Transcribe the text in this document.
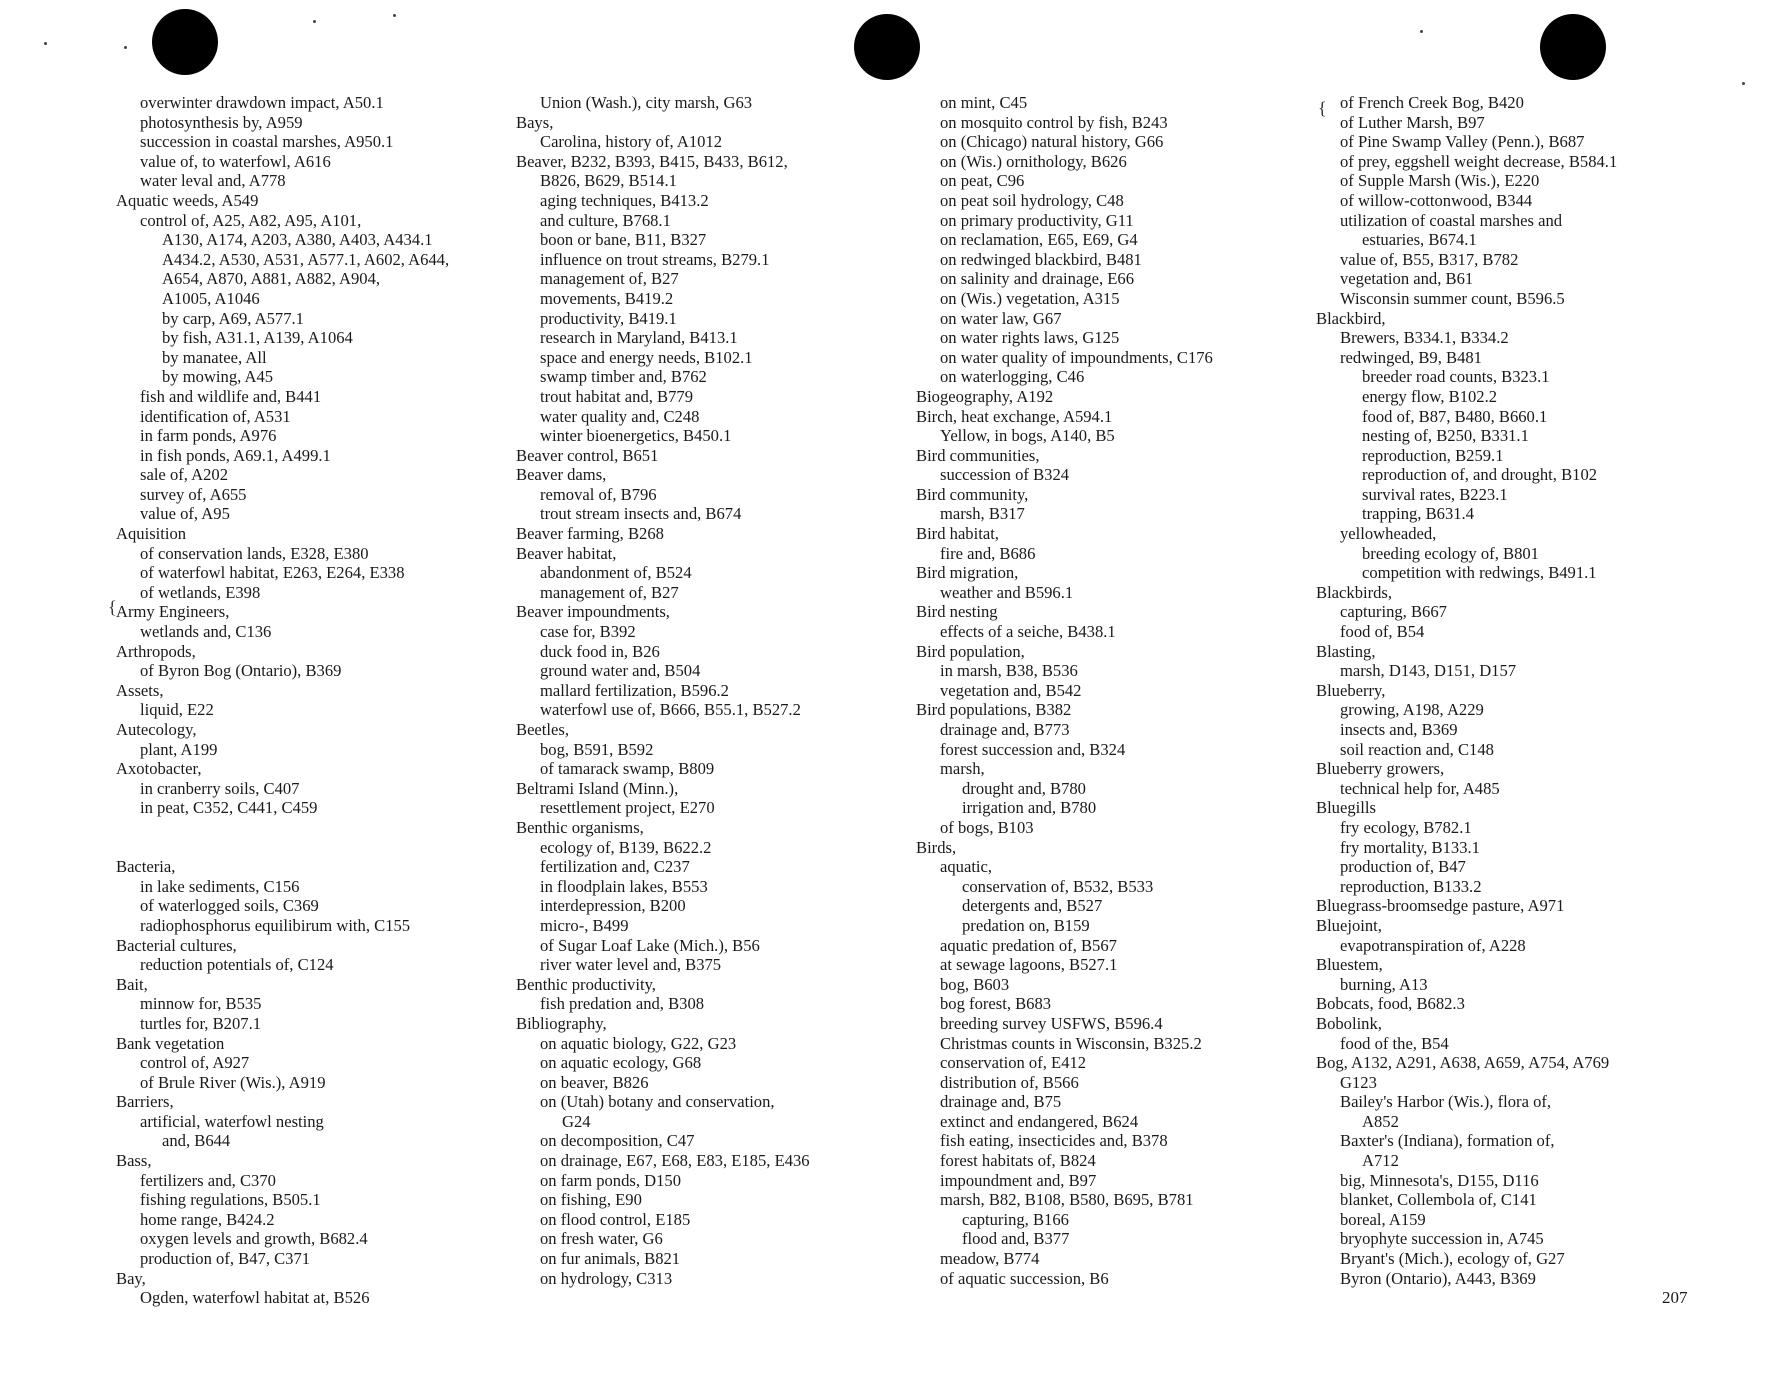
{
{
overwinter drawdown impact, A50.1
photosynthesis by, A959
succession in coastal marshes, A950.1
value of, to waterfowl, A616
water leval and, A778
Aquatic weeds, A549
control of, A25, A82, A95, A101,
A130, A174, A203, A380, A403, A434.1
A434.2, A530, A531, A577.1, A602, A644,
A654, A870, A881, A882, A904,
A1005, A1046
by carp, A69, A577.1
by fish, A31.1, A139, A1064
by manatee, All
by mowing, A45
fish and wildlife and, B441
identification of, A531
in farm ponds, A976
in fish ponds, A69.1, A499.1
sale of, A202
survey of, A655
value of, A95
Aquisition
of conservation lands, E328, E380
of waterfowl habitat, E263, E264, E338
of wetlands, E398
Army Engineers,
wetlands and, C136
Arthropods,
of Byron Bog (Ontario), B369
Assets,
liquid, E22
Autecology,
plant, A199
Axotobacter,
in cranberry soils, C407
in peat, C352, C441, C459
Bacteria,
in lake sediments, C156
of waterlogged soils, C369
radiophosphorus equilibirum with, C155
Bacterial cultures,
reduction potentials of, C124
Bait,
minnow for, B535
turtles for, B207.1
Bank vegetation
control of, A927
of Brule River (Wis.), A919
Barriers,
artificial, waterfowl nesting
and, B644
Bass,
fertilizers and, C370
fishing regulations, B505.1
home range, B424.2
oxygen levels and growth, B682.4
production of, B47, C371
Bay,
Ogden, waterfowl habitat at, B526
Union (Wash.), city marsh, G63
Bays,
Carolina, history of, A1012
Beaver, B232, B393, B415, B433, B612,
B826, B629, B514.1
aging techniques, B413.2
and culture, B768.1
boon or bane, B11, B327
influence on trout streams, B279.1
management of, B27
movements, B419.2
productivity, B419.1
research in Maryland, B413.1
space and energy needs, B102.1
swamp timber and, B762
trout habitat and, B779
water quality and, C248
winter bioenergetics, B450.1
Beaver control, B651
Beaver dams,
removal of, B796
trout stream insects and, B674
Beaver farming, B268
Beaver habitat,
abandonment of, B524
management of, B27
Beaver impoundments,
case for, B392
duck food in, B26
ground water and, B504
mallard fertilization, B596.2
waterfowl use of, B666, B55.1, B527.2
Beetles,
bog, B591, B592
of tamarack swamp, B809
Beltrami Island (Minn.),
resettlement project, E270
Benthic organisms,
ecology of, B139, B622.2
fertilization and, C237
in floodplain lakes, B553
interdepression, B200
micro-, B499
of Sugar Loaf Lake (Mich.), B56
river water level and, B375
Benthic productivity,
fish predation and, B308
Bibliography,
on aquatic biology, G22, G23
on aquatic ecology, G68
on beaver, B826
on (Utah) botany and conservation,
G24
on decomposition, C47
on drainage, E67, E68, E83, E185, E436
on farm ponds, D150
on fishing, E90
on flood control, E185
on fresh water, G6
on fur animals, B821
on hydrology, C313
on mint, C45
on mosquito control by fish, B243
on (Chicago) natural history, G66
on (Wis.) ornithology, B626
on peat, C96
on peat soil hydrology, C48
on primary productivity, G11
on reclamation, E65, E69, G4
on redwinged blackbird, B481
on salinity and drainage, E66
on (Wis.) vegetation, A315
on water law, G67
on water rights laws, G125
on water quality of impoundments, C176
on waterlogging, C46
Biogeography, A192
Birch, heat exchange, A594.1
Yellow, in bogs, A140, B5
Bird communities,
succession of B324
Bird community,
marsh, B317
Bird habitat,
fire and, B686
Bird migration,
weather and B596.1
Bird nesting
effects of a seiche, B438.1
Bird population,
in marsh, B38, B536
vegetation and, B542
Bird populations, B382
drainage and, B773
forest succession and, B324
marsh,
drought and, B780
irrigation and, B780
of bogs, B103
Birds,
aquatic,
conservation of, B532, B533
detergents and, B527
predation on, B159
aquatic predation of, B567
at sewage lagoons, B527.1
bog, B603
bog forest, B683
breeding survey USFWS, B596.4
Christmas counts in Wisconsin, B325.2
conservation of, E412
distribution of, B566
drainage and, B75
extinct and endangered, B624
fish eating, insecticides and, B378
forest habitats of, B824
impoundment and, B97
marsh, B82, B108, B580, B695, B781
capturing, B166
flood and, B377
meadow, B774
of aquatic succession, B6
of French Creek Bog, B420
of Luther Marsh, B97
of Pine Swamp Valley (Penn.), B687
of prey, eggshell weight decrease, B584.1
of Supple Marsh (Wis.), E220
of willow-cottonwood, B344
utilization of coastal marshes and
estuaries, B674.1
value of, B55, B317, B782
vegetation and, B61
Wisconsin summer count, B596.5
Blackbird,
Brewers, B334.1, B334.2
redwinged, B9, B481
breeder road counts, B323.1
energy flow, B102.2
food of, B87, B480, B660.1
nesting of, B250, B331.1
reproduction, B259.1
reproduction of, and drought, B102
survival rates, B223.1
trapping, B631.4
yellowheaded,
breeding ecology of, B801
competition with redwings, B491.1
Blackbirds,
capturing, B667
food of, B54
Blasting,
marsh, D143, D151, D157
Blueberry,
growing, A198, A229
insects and, B369
soil reaction and, C148
Blueberry growers,
technical help for, A485
Bluegills
fry ecology, B782.1
fry mortality, B133.1
production of, B47
reproduction, B133.2
Bluegrass-broomsedge pasture, A971
Bluejoint,
evapotranspiration of, A228
Bluestem,
burning, A13
Bobcats, food, B682.3
Bobolink,
food of the, B54
Bog, A132, A291, A638, A659, A754, A769
G123
Bailey's Harbor (Wis.), flora of,
A852
Baxter's (Indiana), formation of,
A712
big, Minnesota's, D155, D116
blanket, Collembola of, C141
boreal, A159
bryophyte succession in, A745
Bryant's (Mich.), ecology of, G27
Byron (Ontario), A443, B369
207
